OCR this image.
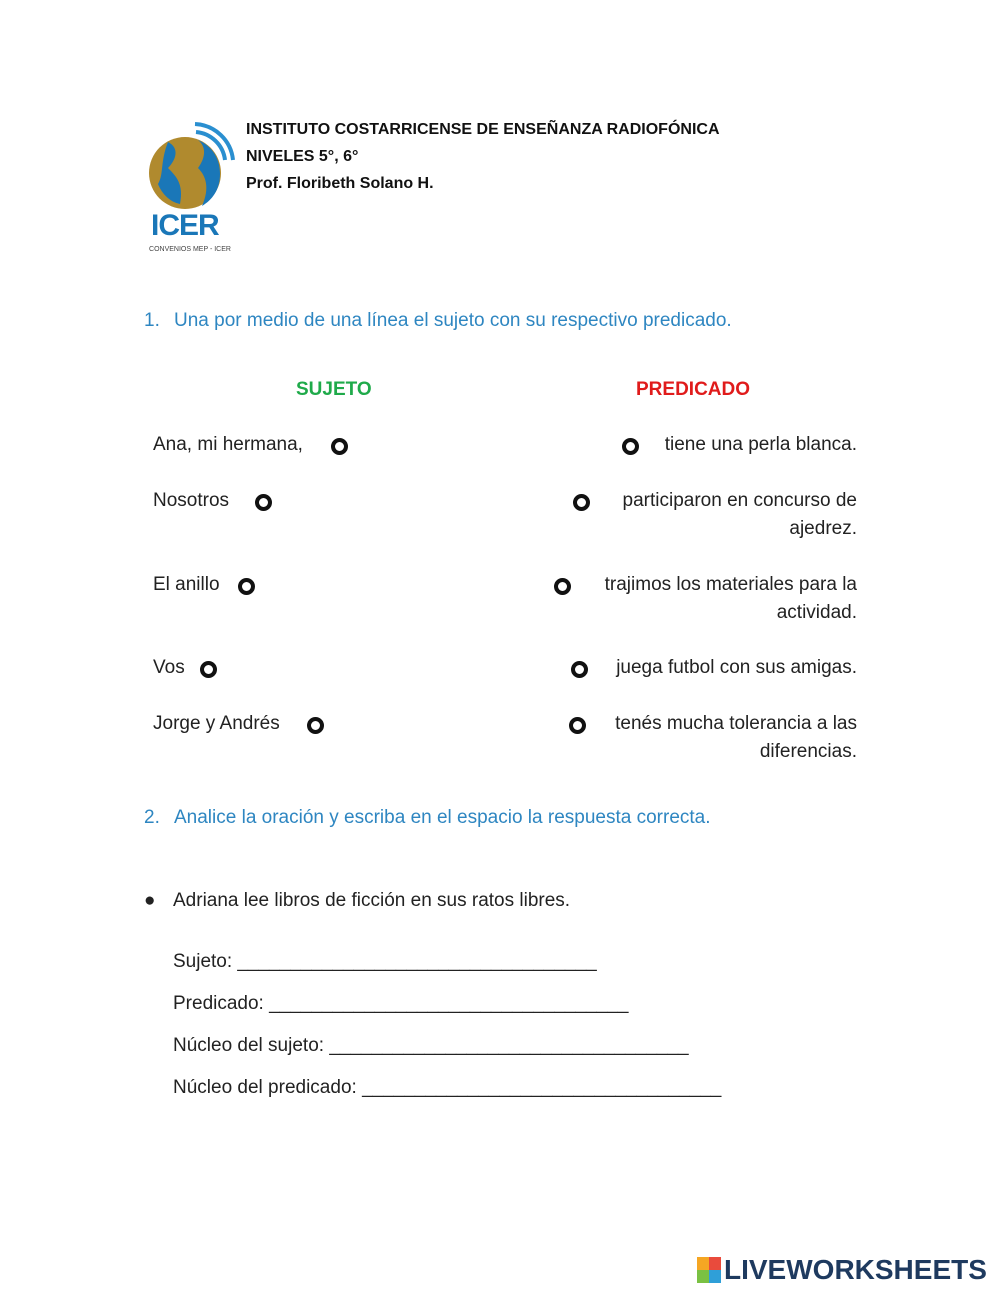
ICER
CONVENIOS MEP - ICER
INSTITUTO COSTARRICENSE DE ENSEÑANZA RADIOFÓNICA
NIVELES 5°, 6°
Prof. Floribeth Solano H.
1. Una por medio de una línea el sujeto con su respectivo predicado.
SUJETO	PREDICADO
Ana, mi hermana,
Nosotros
El anillo
Vos
Jorge y Andrés
tiene una perla blanca.
participaron en concurso de ajedrez.
trajimos los materiales para la actividad.
juega futbol con sus amigas.
tenés mucha tolerancia a las diferencias.
2. Analice la oración y escriba en el espacio la respuesta correcta.
● Adriana lee libros de ficción en sus ratos libres.
Sujeto: __________________________________
Predicado: __________________________________
Núcleo del sujeto: __________________________________
Núcleo del predicado: __________________________________
LIVEWORKSHEETS
